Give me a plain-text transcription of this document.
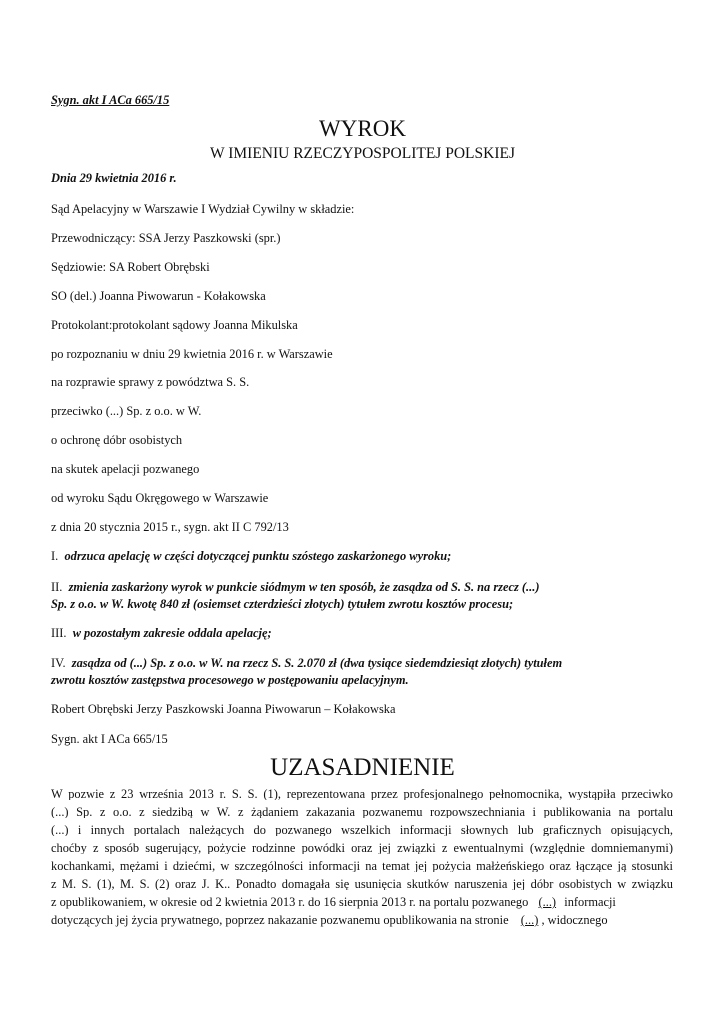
Sygn. akt I ACa 665/15
WYROK
W IMIENIU RZECZYPOSPOLITEJ POLSKIEJ
Dnia 29 kwietnia 2016 r.
Sąd Apelacyjny w Warszawie I Wydział Cywilny w składzie:
Przewodniczący: SSA Jerzy Paszkowski (spr.)
Sędziowie: SA Robert Obrębski
SO (del.) Joanna Piwowarun - Kołakowska
Protokolant:protokolant sądowy Joanna Mikulska
po rozpoznaniu w dniu 29 kwietnia 2016 r. w Warszawie
na rozprawie sprawy z powództwa S. S.
przeciwko (...) Sp. z o.o. w W.
o ochronę dóbr osobistych
na skutek apelacji pozwanego
od wyroku Sądu Okręgowego w Warszawie
z dnia 20 stycznia 2015 r., sygn. akt II C 792/13
I. odrzuca apelację w części dotyczącej punktu szóstego zaskarżonego wyroku;
II. zmienia zaskarżony wyrok w punkcie siódmym w ten sposób, że zasądza od S. S. na rzecz (...)
Sp. z o.o. w W. kwotę 840 zł (osiemset czterdzieści złotych) tytułem zwrotu kosztów procesu;
III. w pozostałym zakresie oddala apelację;
IV. zasądza od (...) Sp. z o.o. w W. na rzecz S. S. 2.070 zł (dwa tysiące siedemdziesiąt złotych) tytułem
zwrotu kosztów zastępstwa procesowego w postępowaniu apelacyjnym.
Robert Obrębski Jerzy Paszkowski Joanna Piwowarun – Kołakowska
Sygn. akt I ACa 665/15
UZASADNIENIE
W pozwie z 23 września 2013 r. S. S. (1), reprezentowana przez profesjonalnego pełnomocnika, wystąpiła przeciwko
(...) Sp. z o.o. z siedzibą w W. z żądaniem zakazania pozwanemu rozpowszechniania i publikowania na portalu
(...) i innych portalach należących do pozwanego wszelkich informacji słownych lub graficznych opisujących,
choćby z sposób sugerujący, pożycie rodzinne powódki oraz jej związki z ewentualnymi (względnie domniemanymi)
kochankami, mężami i dziećmi, w szczególności informacji na temat jej pożycia małżeńskiego oraz łączące ją stosunki
z M. S. (1), M. S. (2) oraz J. K.. Ponadto domagała się usunięcia skutków naruszenia jej dóbr osobistych w związku
z opublikowaniem, w okresie od 2 kwietnia 2013 r. do 16 sierpnia 2013 r. na portalu pozwanego (...) informacji
dotyczących jej życia prywatnego, poprzez nakazanie pozwanemu opublikowania na stronie (...) , widocznego
